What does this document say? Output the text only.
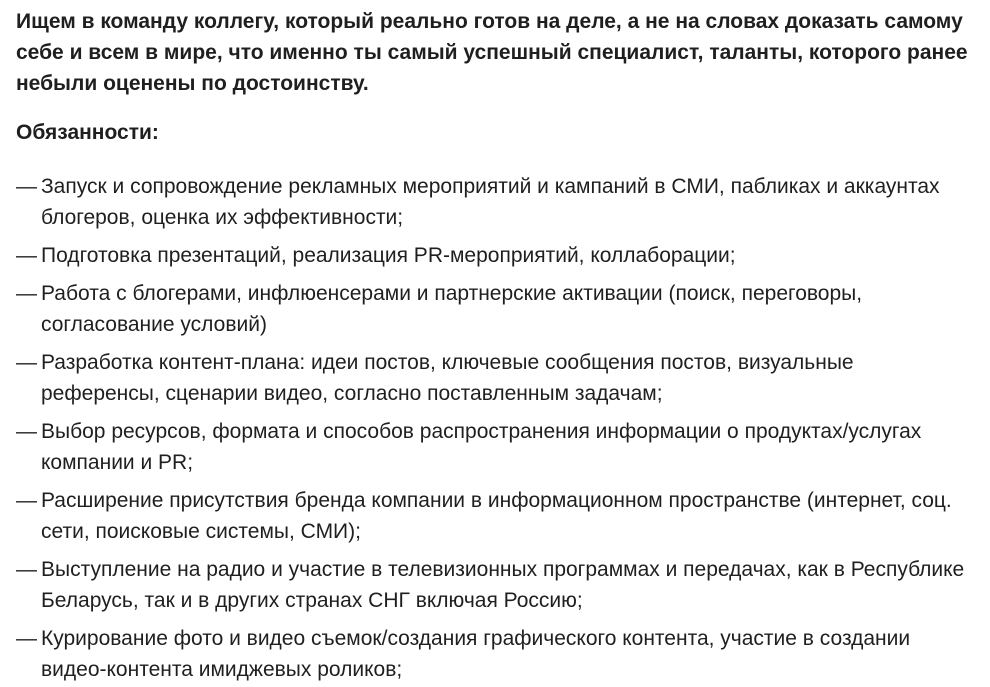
Ищем в команду коллегу, который реально готов на деле, а не на словах доказать самому себе и всем в мире, что именно ты самый успешный специалист, таланты, которого ранее небыли оценены по достоинству.

Обязанности:

— Запуск и сопровождение рекламных мероприятий и кампаний в СМИ, пабликах и аккаунтах блогеров, оценка их эффективности;
— Подготовка презентаций, реализация PR-мероприятий, коллаборации;
— Работа с блогерами, инфлюенсерами и партнерские активации (поиск, переговоры, согласование условий)
— Разработка контент-плана: идеи постов, ключевые сообщения постов, визуальные референсы, сценарии видео, согласно поставленным задачам;
— Выбор ресурсов, формата и способов распространения информации о продуктах/услугах компании и PR;
— Расширение присутствия бренда компании в информационном пространстве (интернет, соц. сети, поисковые системы, СМИ);
— Выступление на радио и участие в телевизионных программах и передачах, как в Республике Беларусь, так и в других странах СНГ включая Россию;
— Курирование фото и видео съемок/создания графического контента, участие в создании видео-контента имиджевых роликов;
